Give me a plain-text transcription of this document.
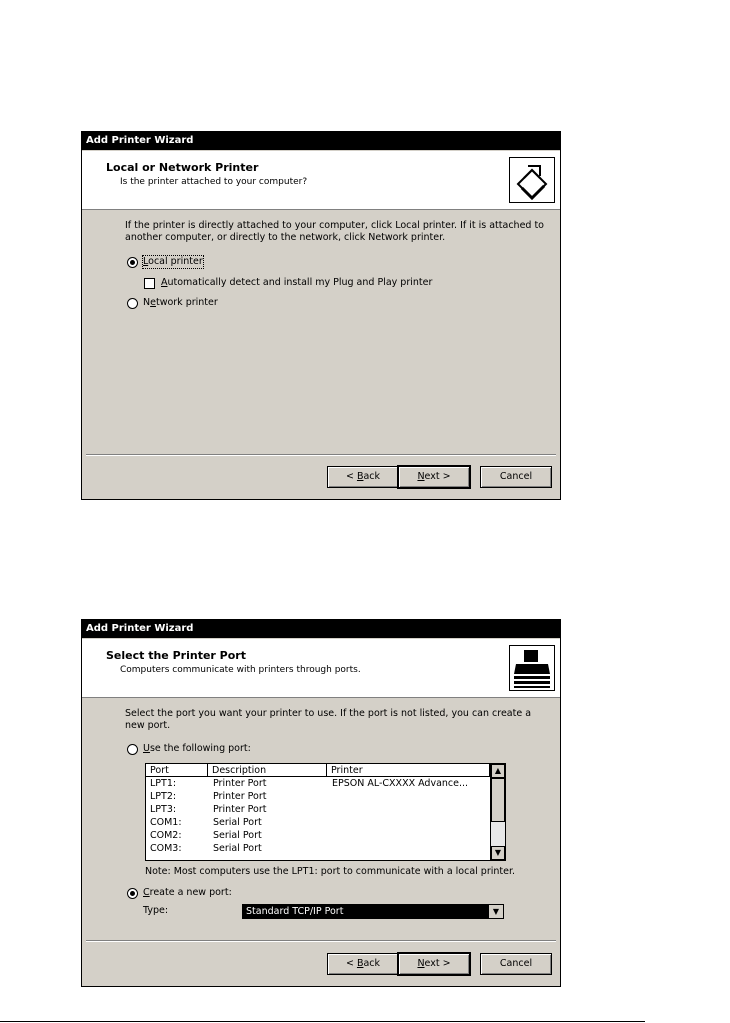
Add Printer Wizard
Local or Network Printer
Is the printer attached to your computer?
If the printer is directly attached to your computer, click Local printer. If it is attached to
another computer, or directly to the network, click Network printer.
Local printer
Automatically detect and install my Plug and Play printer
Network printer
< Back	Next >	Cancel
Add Printer Wizard
Select the Printer Port
Computers communicate with printers through ports.
Select the port you want your printer to use. If the port is not listed, you can create a
new port.
Use the following port:
Port	Description	Printer
LPT1:	Printer Port	EPSON AL-CXXXX Advance...
LPT2:	Printer Port
LPT3:	Printer Port
COM1:	Serial Port
COM2:	Serial Port
COM3:	Serial Port
▲
▼
Note: Most computers use the LPT1: port to communicate with a local printer.
Create a new port:
Type:	Standard TCP/IP Port	▼
< Back	Next >	Cancel
